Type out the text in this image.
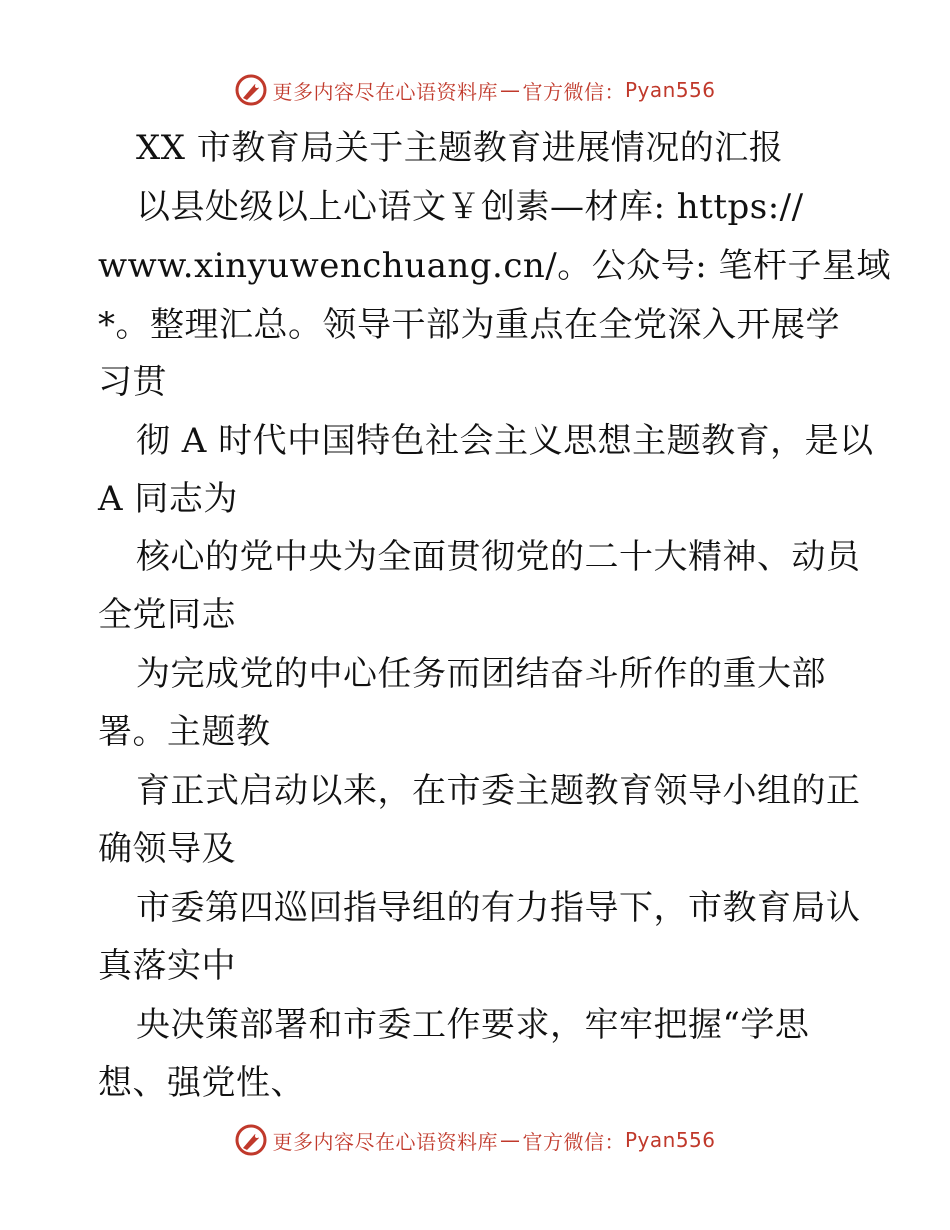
更多内容尽在心语资料库 — 官方微信： Pyan556
XX 市教育局关于主题教育进展情况的汇报
以县处级以上心语文￥创素—材库: https://
www.xinyuwenchuang.cn/。公众号: 笔杆子星域
*。整理汇总。领导干部为重点在全党深入开展学
习贯
彻 A 时代中国特色社会主义思想主题教育，是以
A 同志为
核心的党中央为全面贯彻党的二十大精神、动员
全党同志
为完成党的中心任务而团结奋斗所作的重大部
署。主题教
育正式启动以来，在市委主题教育领导小组的正
确领导及
市委第四巡回指导组的有力指导下，市教育局认
真落实中
央决策部署和市委工作要求，牢牢把握“学思
想、强党性、
更多内容尽在心语资料库 — 官方微信： Pyan556
